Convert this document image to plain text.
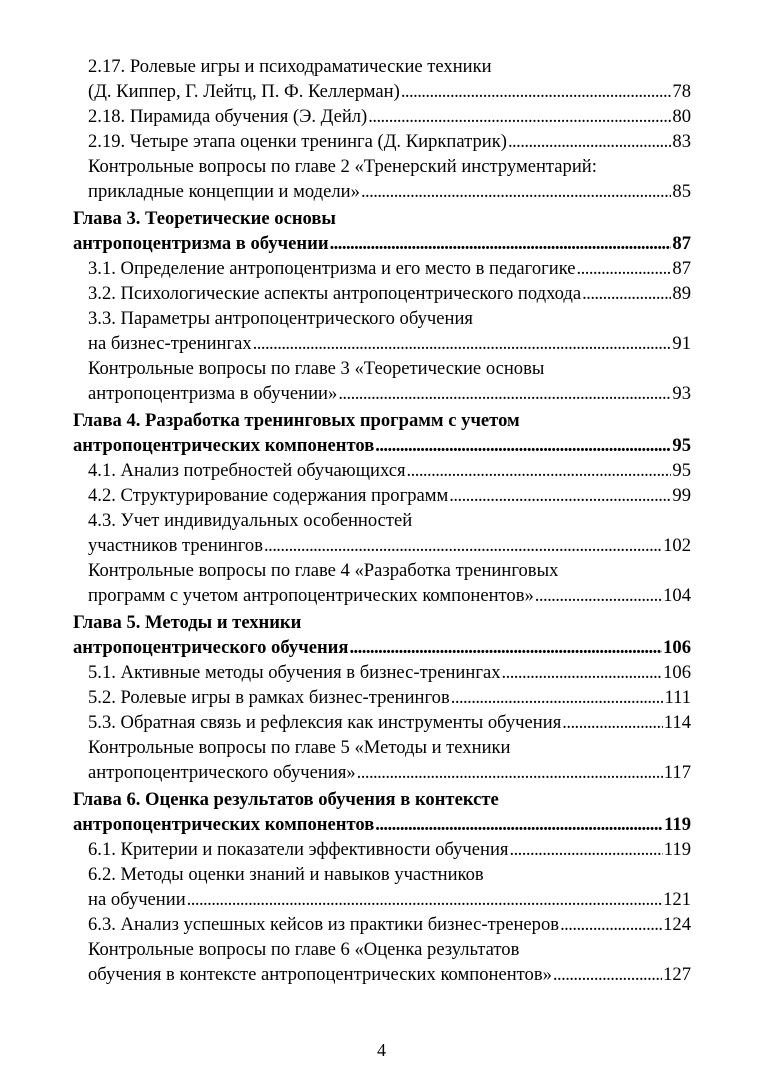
2.17. Ролевые игры и психодраматические техники
(Д. Киппер, Г. Лейтц, П. Ф. Келлерман) . . .	78
2.18. Пирамида обучения (Э. Дейл) . . .	80
2.19. Четыре этапа оценки тренинга (Д. Киркпатрик) . . .	83
Контрольные вопросы по главе 2 «Тренерский инструментарий:
прикладные концепции и модели» . . .	85
Глава 3. Теоретические основы
антропоцентризма в обучении . . .	87
3.1. Определение антропоцентризма и его место в педагогике . . .	87
3.2. Психологические аспекты антропоцентрического подхода . . .	89
3.3. Параметры антропоцентрического обучения
на бизнес-тренингах . . .	91
Контрольные вопросы по главе 3 «Теоретические основы
антропоцентризма в обучении» . . .	93
Глава 4. Разработка тренинговых программ с учетом
антропоцентрических компонентов . . .	95
4.1. Анализ потребностей обучающихся . . .	95
4.2. Структурирование содержания программ . . .	99
4.3. Учет индивидуальных особенностей
участников тренингов . . .	102
Контрольные вопросы по главе 4 «Разработка тренинговых
программ с учетом антропоцентрических компонентов» . . .	104
Глава 5. Методы и техники
антропоцентрического обучения . . .	106
5.1. Активные методы обучения в бизнес-тренингах . . .	106
5.2. Ролевые игры в рамках бизнес-тренингов . . .	111
5.3. Обратная связь и рефлексия как инструменты обучения . . .	114
Контрольные вопросы по главе 5 «Методы и техники
антропоцентрического обучения» . . .	117
Глава 6. Оценка результатов обучения в контексте
антропоцентрических компонентов . . .	119
6.1. Критерии и показатели эффективности обучения . . .	119
6.2. Методы оценки знаний и навыков участников
на обучении . . .	121
6.3. Анализ успешных кейсов из практики бизнес-тренеров . . .	124
Контрольные вопросы по главе 6 «Оценка результатов
обучения в контексте антропоцентрических компонентов» . . .	127
4
